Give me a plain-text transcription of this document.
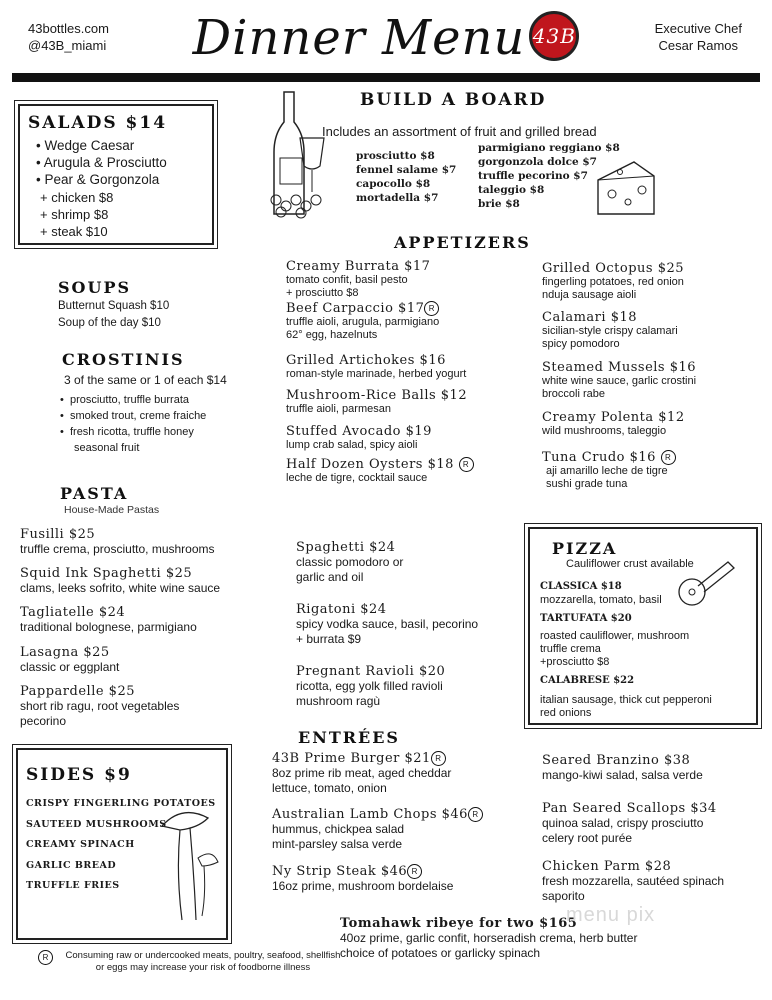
43bottles.com
@43B_miami	Dinner Menu 43B	Executive Chef
Cesar Ramos
SALADS $14
• Wedge Caesar
• Arugula & Prosciutto
• Pear & Gorgonzola
+ chicken $8
+ shrimp $8
+ steak $10
BUILD A BOARD
Includes an assortment of fruit and grilled bread
prosciutto $8
fennel salame $7
capocollo $8
mortadella $7
parmigiano reggiano $8
gorgonzola dolce $7
truffle pecorino $7
taleggio $8
brie $8
SOUPS
Butternut Squash $10
Soup of the day $10
CROSTINIS
3 of the same or 1 of each $14
•  prosciutto, truffle burrata
•  smoked trout, creme fraiche
•  fresh ricotta, truffle honey
seasonal fruit
APPETIZERS
Creamy Burrata $17
tomato confit, basil pesto
+ prosciutto $8
Beef Carpaccio $17 R
truffle aioli, arugula, parmigiano
62° egg, hazelnuts
Grilled Artichokes $16
roman-style marinade, herbed yogurt
Mushroom-Rice Balls $12
truffle aioli, parmesan
Stuffed Avocado $19
lump crab salad, spicy aioli
Half Dozen Oysters $18 R
leche de tigre, cocktail sauce
Grilled Octopus $25
fingerling potatoes, red onion
nduja sausage aioli
Calamari $18
sicilian-style crispy calamari
spicy pomodoro
Steamed Mussels $16
white wine sauce, garlic crostini
broccoli rabe
Creamy Polenta $12
wild mushrooms, taleggio
Tuna Crudo $16 R
aji amarillo leche de tigre
sushi grade tuna
PASTA
House-Made Pastas
Fusilli $25
truffle crema, prosciutto, mushrooms
Squid Ink Spaghetti $25
clams, leeks sofrito, white wine sauce
Tagliatelle $24
traditional bolognese, parmigiano
Lasagna $25
classic or eggplant
Pappardelle $25
short rib ragu, root vegetables
pecorino
Spaghetti $24
classic pomodoro or
garlic and oil
Rigatoni $24
spicy vodka sauce, basil, pecorino
+ burrata $9
Pregnant Ravioli $20
ricotta, egg yolk filled ravioli
mushroom ragù
PIZZA
Cauliflower crust available
CLASSICA $18
mozzarella, tomato, basil
TARTUFATA $20
roasted cauliflower, mushroom
truffle crema
+prosciutto $8
CALABRESE $22
italian sausage, thick cut pepperoni
red onions
SIDES $9
CRISPY FINGERLING POTATOES
SAUTEED MUSHROOMS
CREAMY SPINACH
GARLIC BREAD
TRUFFLE FRIES
ENTRÉES
43B Prime Burger $21 R
8oz prime rib meat, aged cheddar
lettuce, tomato, onion
Australian Lamb Chops $46 R
hummus, chickpea salad
mint-parsley salsa verde
Ny Strip Steak $46 R
16oz prime, mushroom bordelaise
Seared Branzino $38
mango-kiwi salad, salsa verde
Pan Seared Scallops $34
quinoa salad, crispy prosciutto
celery root purée
Chicken Parm $28
fresh mozzarella, sautéed spinach
saporito
Tomahawk ribeye for two $165
40oz prime, garlic confit, horseradish crema, herb butter
choice of potatoes or garlicky spinach
menu pix
R	Consuming raw or undercooked meats, poultry, seafood, shellfish
or eggs may increase your risk of foodborne illness
